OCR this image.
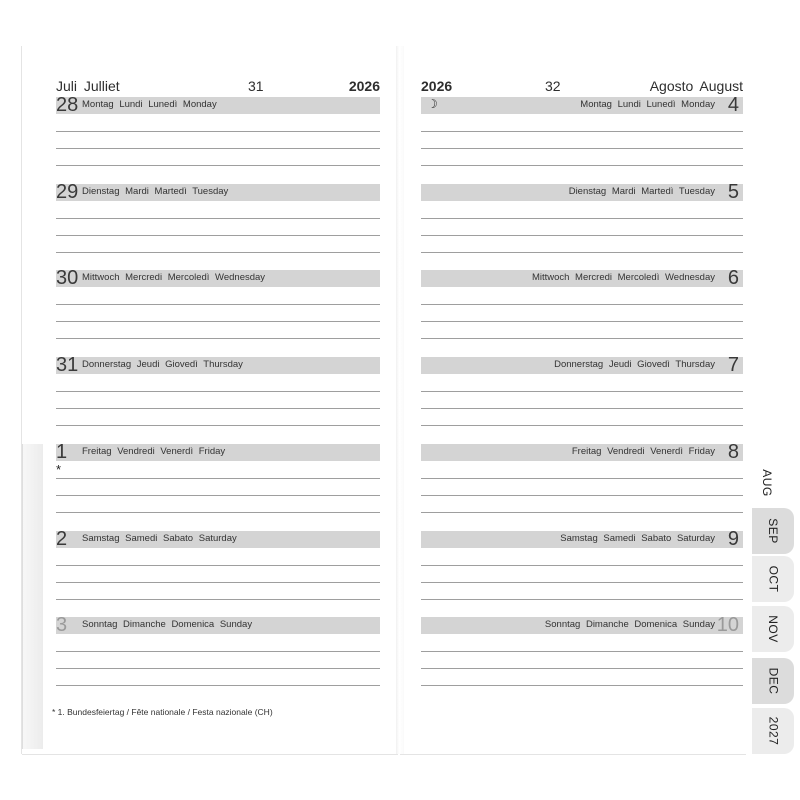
Juli Julliet	31	2026	2026	32	Agosto August
28 Montag Lundi Lunedì Monday
29 Dienstag Mardi Martedì Tuesday
30 Mittwoch Mercredi Mercoledì Wednesday
31 Donnerstag Jeudi Giovedì Thursday
1 Freitag Vendredi Venerdì Friday
*
2 Samstag Samedi Sabato Saturday
3 Sonntag Dimanche Domenica Sunday
4
Montag Lundi Lunedì Monday
☽
5
Dienstag Mardi Martedì Tuesday
6
Mittwoch Mercredi Mercoledì Wednesday
7
Donnerstag Jeudi Giovedì Thursday
8
Freitag Vendredi Venerdì Friday
9
Samstag Samedi Sabato Saturday
10
Sonntag Dimanche Domenica Sunday
* 1. Bundesfeiertag / Fête nationale / Festa nazionale (CH)
AUG
SEP
OCT
NOV
DEC
2027
